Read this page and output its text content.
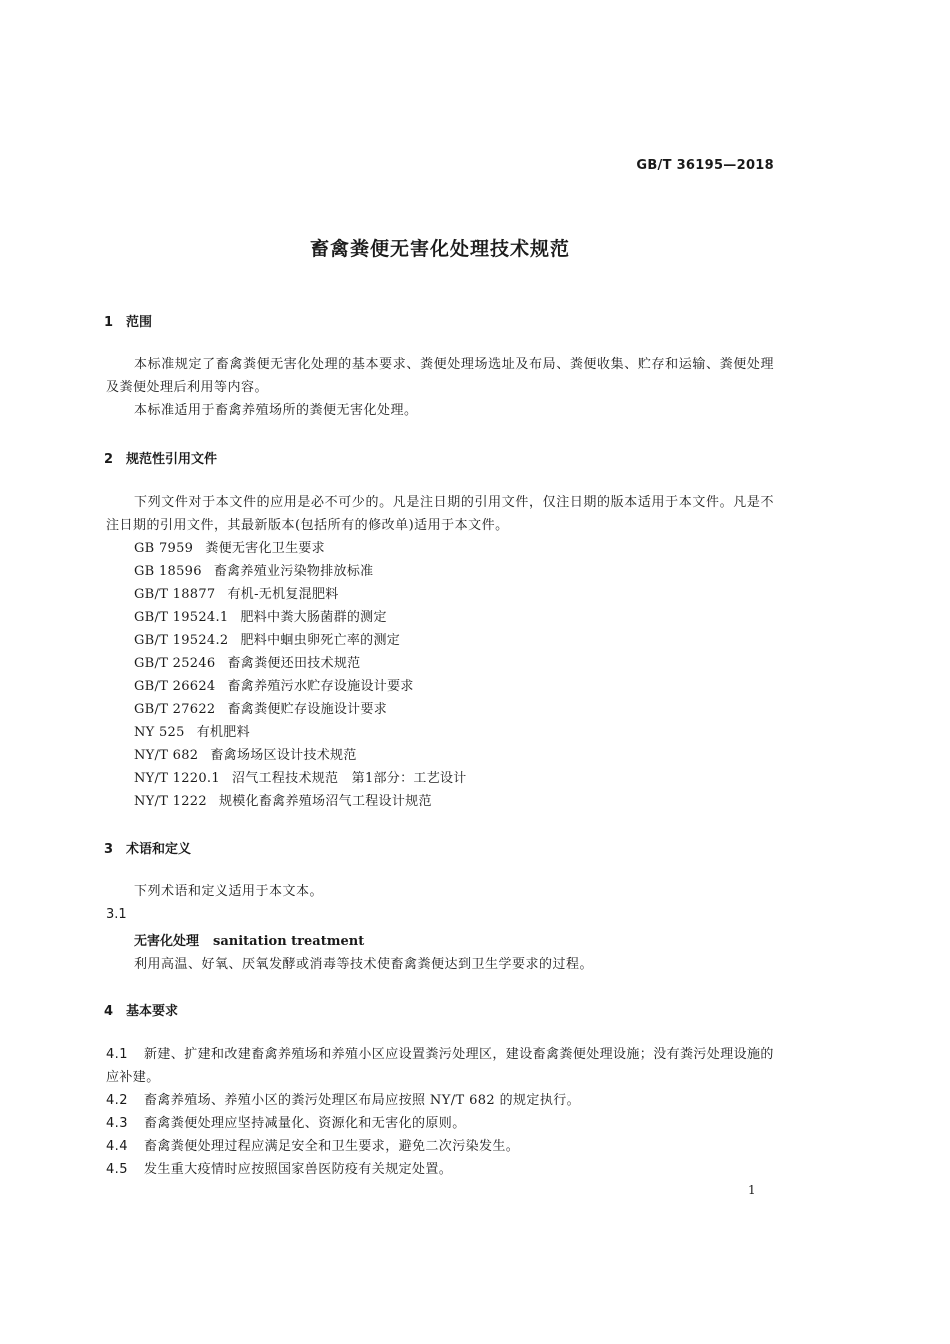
GB/T 36195—2018
畜禽粪便无害化处理技术规范
1 范围
本标准规定了畜禽粪便无害化处理的基本要求、粪便处理场选址及布局、粪便收集、贮存和运输、粪便处理及粪便处理后利用等内容。
本标准适用于畜禽养殖场所的粪便无害化处理。
2 规范性引用文件
下列文件对于本文件的应用是必不可少的。凡是注日期的引用文件，仅注日期的版本适用于本文件。凡是不注日期的引用文件，其最新版本(包括所有的修改单)适用于本文件。
GB 7959 粪便无害化卫生要求
GB 18596 畜禽养殖业污染物排放标准
GB/T 18877 有机-无机复混肥料
GB/T 19524.1 肥料中粪大肠菌群的测定
GB/T 19524.2 肥料中蛔虫卵死亡率的测定
GB/T 25246 畜禽粪便还田技术规范
GB/T 26624 畜禽养殖污水贮存设施设计要求
GB/T 27622 畜禽粪便贮存设施设计要求
NY 525 有机肥料
NY/T 682 畜禽场场区设计技术规范
NY/T 1220.1 沼气工程技术规范　第1部分：工艺设计
NY/T 1222 规模化畜禽养殖场沼气工程设计规范
3 术语和定义
下列术语和定义适用于本文本。
3.1
无害化处理 sanitation treatment
利用高温、好氧、厌氧发酵或消毒等技术使畜禽粪便达到卫生学要求的过程。
4 基本要求
4.1 新建、扩建和改建畜禽养殖场和养殖小区应设置粪污处理区，建设畜禽粪便处理设施；没有粪污处理设施的应补建。
4.2 畜禽养殖场、养殖小区的粪污处理区布局应按照 NY/T 682 的规定执行。
4.3 畜禽粪便处理应坚持减量化、资源化和无害化的原则。
4.4 畜禽粪便处理过程应满足安全和卫生要求，避免二次污染发生。
4.5 发生重大疫情时应按照国家兽医防疫有关规定处置。
1
